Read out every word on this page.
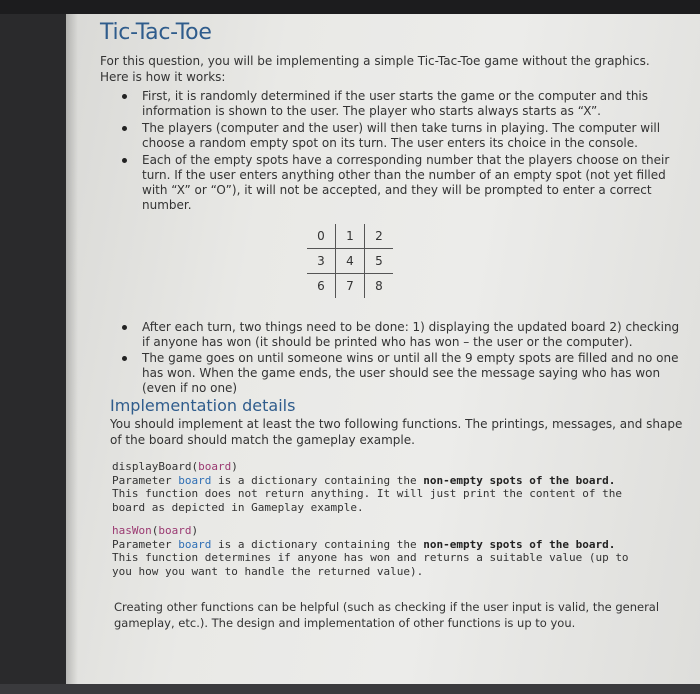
Tic-Tac-Toe
For this question, you will be implementing a simple Tic-Tac-Toe game without the graphics.
Here is how it works:
First, it is randomly determined if the user starts the game or the computer and this
information is shown to the user. The player who starts always starts as “X”.
The players (computer and the user) will then take turns in playing. The computer will
choose a random empty spot on its turn. The user enters its choice in the console.
Each of the empty spots have a corresponding number that the players choose on their
turn. If the user enters anything other than the number of an empty spot (not yet filled
with “X” or “O”), it will not be accepted, and they will be prompted to enter a correct
number.
0	1	2
3	4	5
6	7	8
After each turn, two things need to be done: 1) displaying the updated board 2) checking
if anyone has won (it should be printed who has won – the user or the computer).
The game goes on until someone wins or until all the 9 empty spots are filled and no one
has won. When the game ends, the user should see the message saying who has won
(even if no one)
Implementation details
You should implement at least the two following functions. The printings, messages, and shape
of the board should match the gameplay example.
displayBoard(board)
Parameter board is a dictionary containing the non-empty spots of the board.
This function does not return anything. It will just print the content of the
board as depicted in Gameplay example.
hasWon(board)
Parameter board is a dictionary containing the non-empty spots of the board.
This function determines if anyone has won and returns a suitable value (up to
you how you want to handle the returned value).
Creating other functions can be helpful (such as checking if the user input is valid, the general
gameplay, etc.). The design and implementation of other functions is up to you.
